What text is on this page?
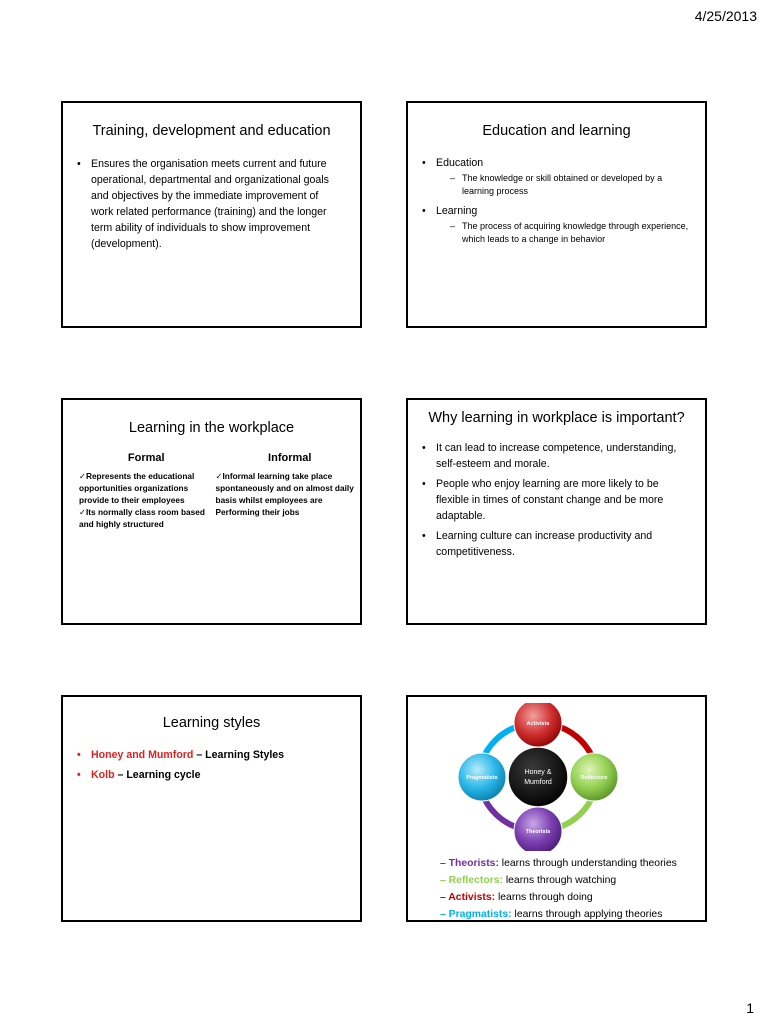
4/25/2013
Training, development and education
• Ensures the organisation meets current and future operational, departmental and organizational goals and objectives by the immediate improvement of work related performance (training) and the longer term ability of individuals to show improvement (development).
Education and learning
• Education
– The knowledge or skill obtained or developed by a learning process
• Learning
– The process of acquiring knowledge through experience, which leads to a change in behavior
Learning in the workplace
Formal
✓Represents the educational opportunities organizations provide to their employees
✓Its normally class room based and highly structured
Informal
✓Informal learning take place spontaneously and on almost daily basis whilst employees are Performing their jobs
Why learning in workplace is important?
• It can lead to increase competence, understanding, self-esteem and morale.
• People who enjoy learning are more likely to be flexible in times of constant change and be more adaptable.
• Learning culture can increase productivity and competitiveness.
Learning styles
• Honey and Mumford – Learning Styles
• Kolb – Learning cycle	Honey &
Mumford
Activists
Reflectors
Theorists
Pragmatists
– Theorists: learns through understanding theories
– Reflectors: learns through watching
– Activists: learns through doing
– Pragmatists: learns through applying theories
1
